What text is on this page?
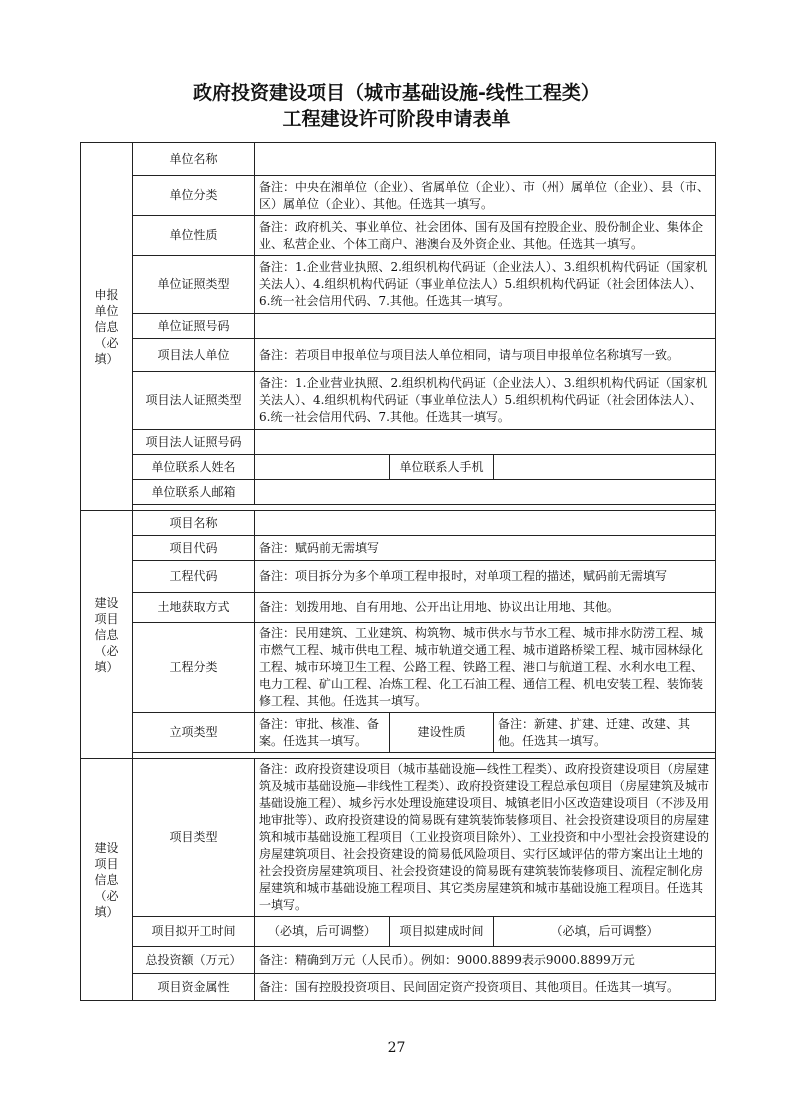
政府投资建设项目（城市基础设施-线性工程类）
工程建设许可阶段申请表单
申报单位信息（必填）	单位名称			
	单位分类	备注：中央在湘单位（企业）、省属单位（企业）、市（州）属单位（企业）、县（市、区）属单位（企业）、其他。任选其一填写。		
	单位性质	备注：政府机关、事业单位、社会团体、国有及国有控股企业、股份制企业、集体企业、私营企业、个体工商户、港澳台及外资企业、其他。任选其一填写。		
	单位证照类型	备注：1.企业营业执照、2.组织机构代码证（企业法人）、3.组织机构代码证（国家机关法人）、4.组织机构代码证（事业单位法人）5.组织机构代码证（社会团体法人）、6.统一社会信用代码、7.其他。任选其一填写。		
	单位证照号码			
	项目法人单位	备注：若项目申报单位与项目法人单位相同，请与项目申报单位名称填写一致。		
	项目法人证照类型	备注：1.企业营业执照、2.组织机构代码证（企业法人）、3.组织机构代码证（国家机关法人）、4.组织机构代码证（事业单位法人）5.组织机构代码证（社会团体法人）、6.统一社会信用代码、7.其他。任选其一填写。		
	项目法人证照号码			
	单位联系人姓名		单位联系人手机	
	单位联系人邮箱			

建设项目信息（必填）	项目名称			
	项目代码	备注：赋码前无需填写		
	工程代码	备注：项目拆分为多个单项工程申报时，对单项工程的描述，赋码前无需填写		
	土地获取方式	备注：划拨用地、自有用地、公开出让用地、协议出让用地、其他。		
	工程分类	备注：民用建筑、工业建筑、构筑物、城市供水与节水工程、城市排水防涝工程、城市燃气工程、城市供电工程、城市轨道交通工程、城市道路桥梁工程、城市园林绿化工程、城市环境卫生工程、公路工程、铁路工程、港口与航道工程、水利水电工程、电力工程、矿山工程、冶炼工程、化工石油工程、通信工程、机电安装工程、装饰装修工程、其他。任选其一填写。		
	立项类型	备注：审批、核准、备案。任选其一填写。	建设性质	备注：新建、扩建、迁建、改建、其他。任选其一填写。

建设项目信息（必填）	项目类型	备注：政府投资建设项目（城市基础设施—线性工程类）、政府投资建设项目（房屋建筑及城市基础设施—非线性工程类）、政府投资建设工程总承包项目（房屋建筑及城市基础设施工程）、城乡污水处理设施建设项目、城镇老旧小区改造建设项目（不涉及用地审批等）、政府投资建设的简易既有建筑装饰装修项目、社会投资建设项目的房屋建筑和城市基础设施工程项目（工业投资项目除外）、工业投资和中小型社会投资建设的房屋建筑项目、社会投资建设的简易低风险项目、实行区域评估的带方案出让土地的社会投资房屋建筑项目、社会投资建设的简易既有建筑装饰装修项目、流程定制化房屋建筑和城市基础设施工程项目、其它类房屋建筑和城市基础设施工程项目。任选其一填写。		
	项目拟开工时间	（必填，后可调整）	项目拟建成时间	（必填，后可调整）
	总投资额（万元）	备注：精确到万元（人民币）。例如：9000.8899表示9000.8899万元		
	项目资金属性	备注：国有控股投资项目、民间固定资产投资项目、其他项目。任选其一填写。		
27
